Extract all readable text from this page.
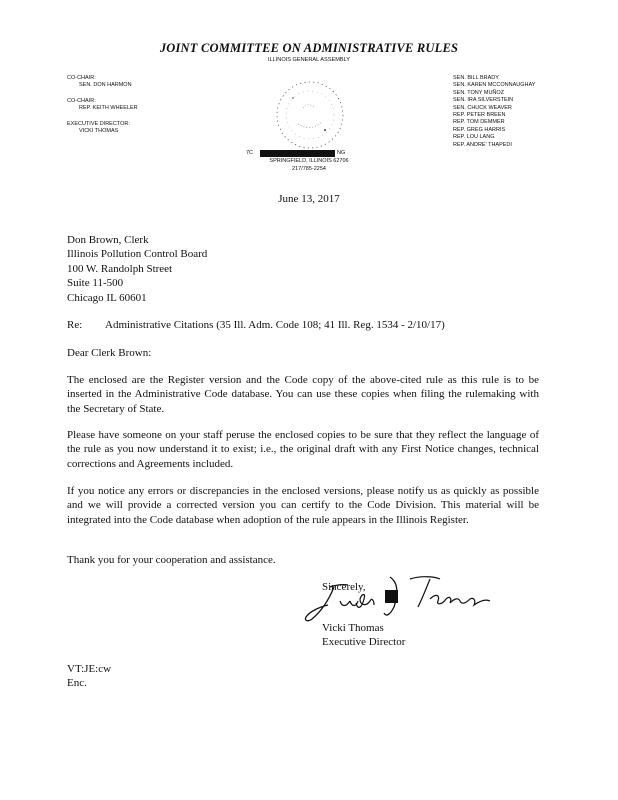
JOINT COMMITTEE ON ADMINISTRATIVE RULES
ILLINOIS GENERAL ASSEMBLY
CO-CHAIR:
SEN. DON HARMON
CO-CHAIR:
REP. KEITH WHEELER
EXECUTIVE DIRECTOR:
VICKI THOMAS
7C	NG
SPRINGFIELD, ILLINOIS 62706
217/785-2254
SEN. BILL BRADY
SEN. KAREN MCCONNAUGHAY
SEN. TONY MUÑOZ
SEN. IRA SILVERSTEIN
SEN. CHUCK WEAVER
REP. PETER BREEN
REP. TOM DEMMER
REP. GREG HARRIS
REP. LOU LANG
REP. ANDRE' THAPEDI
June 13, 2017
Don Brown, Clerk
Illinois Pollution Control Board
100 W. Randolph Street
Suite 11-500
Chicago IL 60601
Re: Administrative Citations (35 Ill. Adm. Code 108; 41 Ill. Reg. 1534 - 2/10/17)
Dear Clerk Brown:
The enclosed are the Register version and the Code copy of the above-cited rule as this rule is to be inserted in the Administrative Code database. You can use these copies when filing the rulemaking with the Secretary of State.
Please have someone on your staff peruse the enclosed copies to be sure that they reflect the language of the rule as you now understand it to exist; i.e., the original draft with any First Notice changes, technical corrections and Agreements included.
If you notice any errors or discrepancies in the enclosed versions, please notify us as quickly as possible and we will provide a corrected version you can certify to the Code Division. This material will be integrated into the Code database when adoption of the rule appears in the Illinois Register.
Thank you for your cooperation and assistance.
Sincerely,
Vicki Thomas
Executive Director
VT:JE:cw
Enc.
